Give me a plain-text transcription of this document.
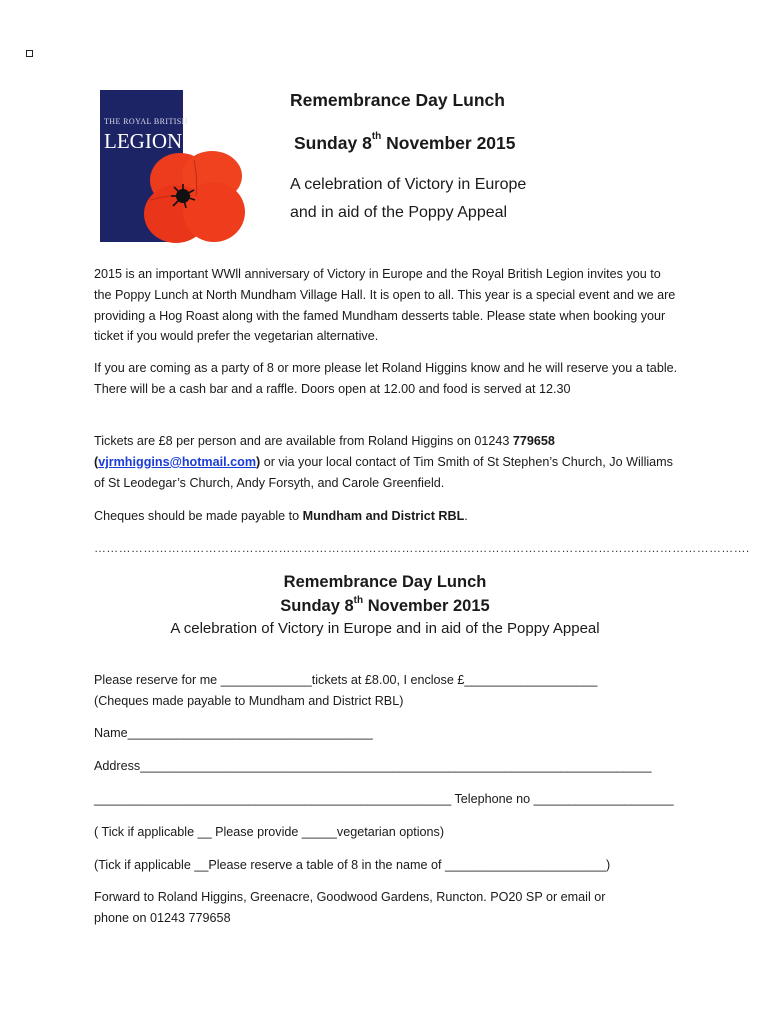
THE ROYAL BRITISH
LEGION
Remembrance Day Lunch
Sunday 8th November 2015
A celebration of Victory in Europe
and in aid of the Poppy Appeal
2015 is an important WWll anniversary of Victory in Europe and the Royal British Legion invites you to the Poppy Lunch at North Mundham Village Hall. It is open to all. This year is a special event and we are providing a Hog Roast along with the famed Mundham desserts table. Please state when booking your ticket if you would prefer the vegetarian alternative.
If you are coming as a party of 8 or more please let Roland Higgins know and he will reserve you a table. There will be a cash bar and a raffle. Doors open at 12.00 and food is served at 12.30
Tickets are £8 per person and are available from Roland Higgins on 01243 779658
(vjrmhiggins@hotmail.com) or via your local contact of Tim Smith of St Stephen’s Church, Jo Williams of St Leodegar’s Church, Andy Forsyth, and Carole Greenfield.
Cheques should be made payable to Mundham and District RBL.
…………………………………………………………………………………………………………………………………………….
Remembrance Day Lunch
Sunday 8th November 2015
A celebration of Victory in Europe and in aid of the Poppy Appeal
Please reserve for me _____________tickets at £8.00, I enclose £___________________
(Cheques made payable to Mundham and District RBL)
Name___________________________________
Address_________________________________________________________________________
___________________________________________________ Telephone no ____________________
( Tick if applicable __ Please provide _____vegetarian options)
(Tick if applicable __Please reserve a table of 8 in the name of _______________________)
Forward to Roland Higgins, Greenacre, Goodwood Gardens, Runcton. PO20 SP or email or
phone on 01243 779658
